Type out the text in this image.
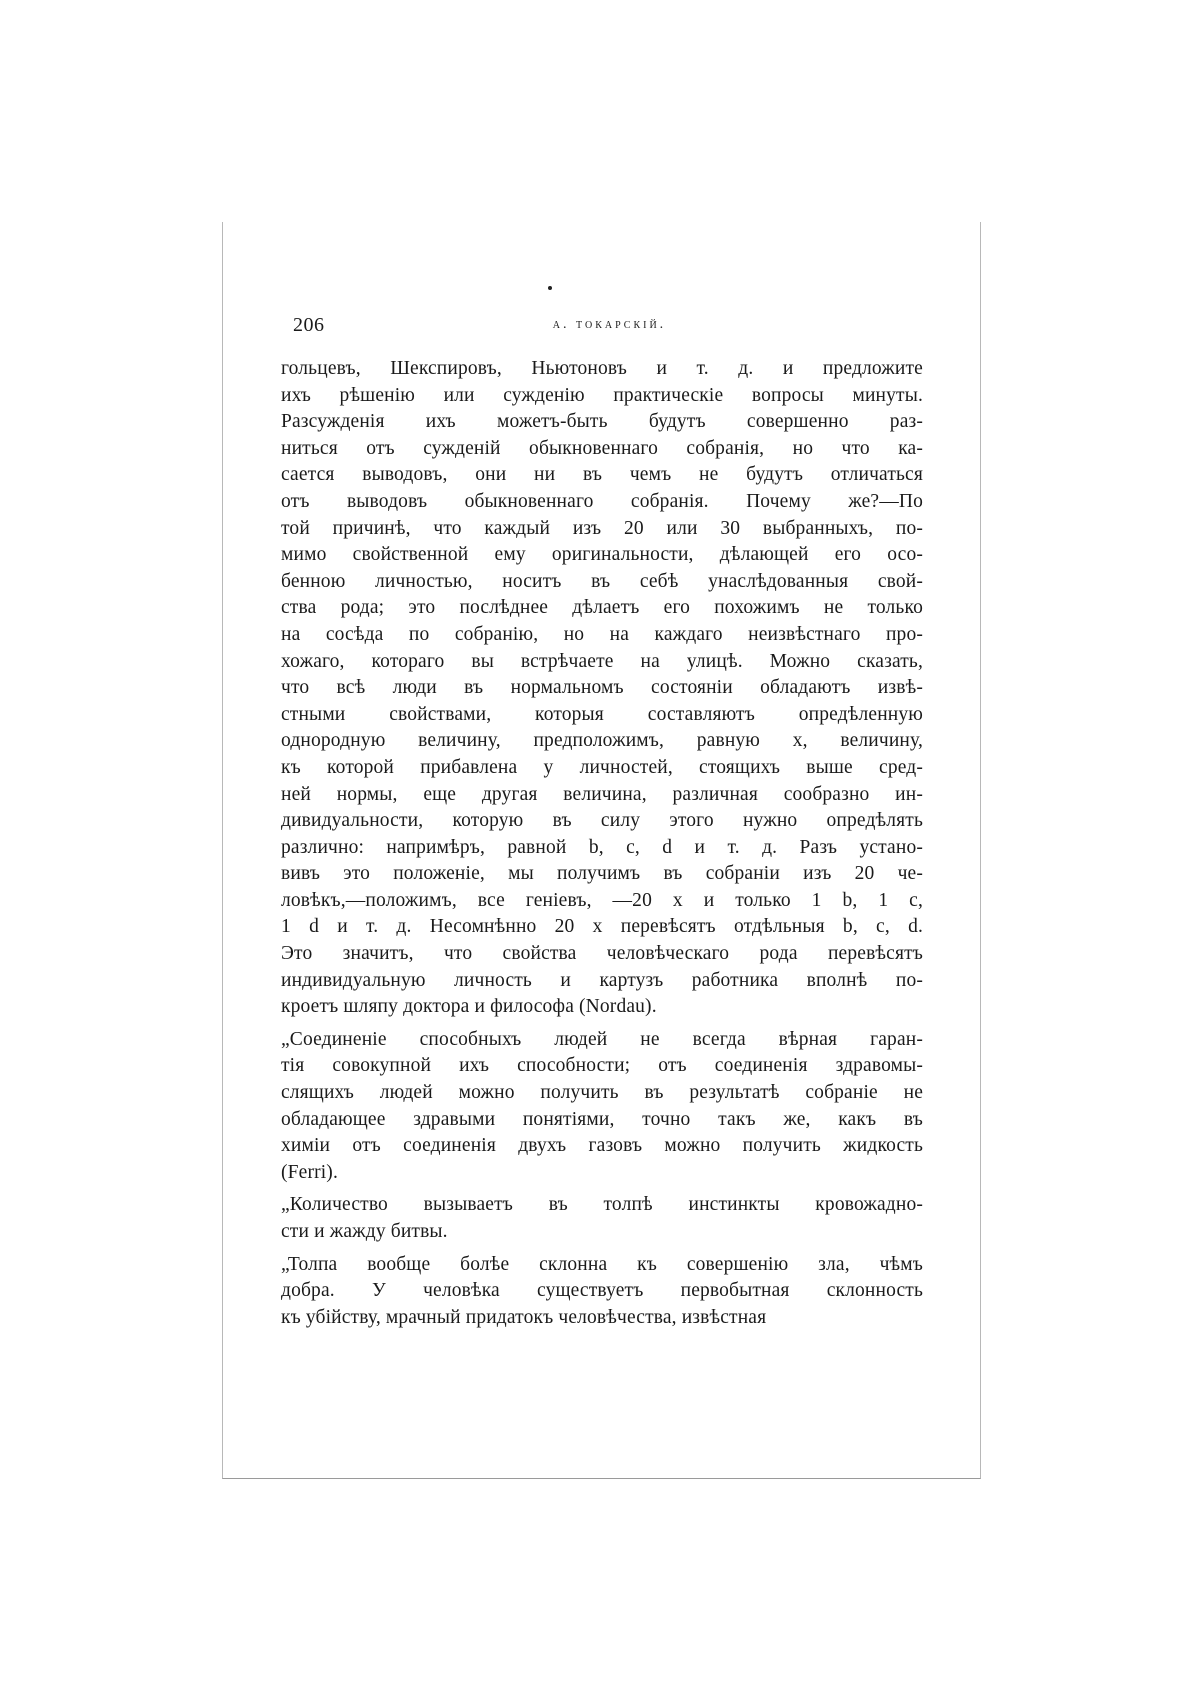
206	а. токарскій.
гольцевъ, Шекспировъ, Ньютоновъ и т. д. и предложите
ихъ рѣшенію или сужденію практическіе вопросы минуты.
Разсужденія ихъ можетъ-быть будутъ совершенно раз-
ниться отъ сужденій обыкновеннаго собранія, но что ка-
сается выводовъ, они ни въ чемъ не будутъ отличаться
отъ выводовъ обыкновеннаго собранія. Почему же?—По
той причинѣ, что каждый изъ 20 или 30 выбранныхъ, по-
мимо свойственной ему оригинальности, дѣлающей его осо-
бенною личностью, носитъ въ себѣ унаслѣдованныя свой-
ства рода; это послѣднее дѣлаетъ его похожимъ не только
на сосѣда по собранію, но на каждаго неизвѣстнаго про-
хожаго, котораго вы встрѣчаете на улицѣ. Можно сказать,
что всѣ люди въ нормальномъ состояніи обладаютъ извѣ-
стными свойствами, которыя составляютъ опредѣленную
однородную величину, предположимъ, равную x, величину,
къ которой прибавлена у личностей, стоящихъ выше сред-
ней нормы, еще другая величина, различная сообразно ин-
дивидуальности, которую въ силу этого нужно опредѣлять
различно: напримѣръ, равной b, c, d и т. д. Разъ устано-
вивъ это положеніе, мы получимъ въ собраніи изъ 20 че-
ловѣкъ,—положимъ, все геніевъ, —20 x и только 1 b, 1 c,
1 d и т. д. Несомнѣнно 20 x перевѣсятъ отдѣльныя b, c, d.
Это значитъ, что свойства человѣческаго рода перевѣсятъ
индивидуальную личность и картузъ работника вполнѣ по-
кроетъ шляпу доктора и философа (Nordau).
„Соединеніе способныхъ людей не всегда вѣрная гаран-
тія совокупной ихъ способности; отъ соединенія здравомы-
слящихъ людей можно получить въ результатѣ собраніе не
обладающее здравыми понятіями, точно такъ же, какъ въ
химіи отъ соединенія двухъ газовъ можно получить жидкость
(Ferri).
„Количество вызываетъ въ толпѣ инстинкты кровожадно-
сти и жажду битвы.
„Толпа вообще болѣе склонна къ совершенію зла, чѣмъ
добра. У человѣка существуетъ первобытная склонность
къ убійству, мрачный придатокъ человѣчества, извѣстная
